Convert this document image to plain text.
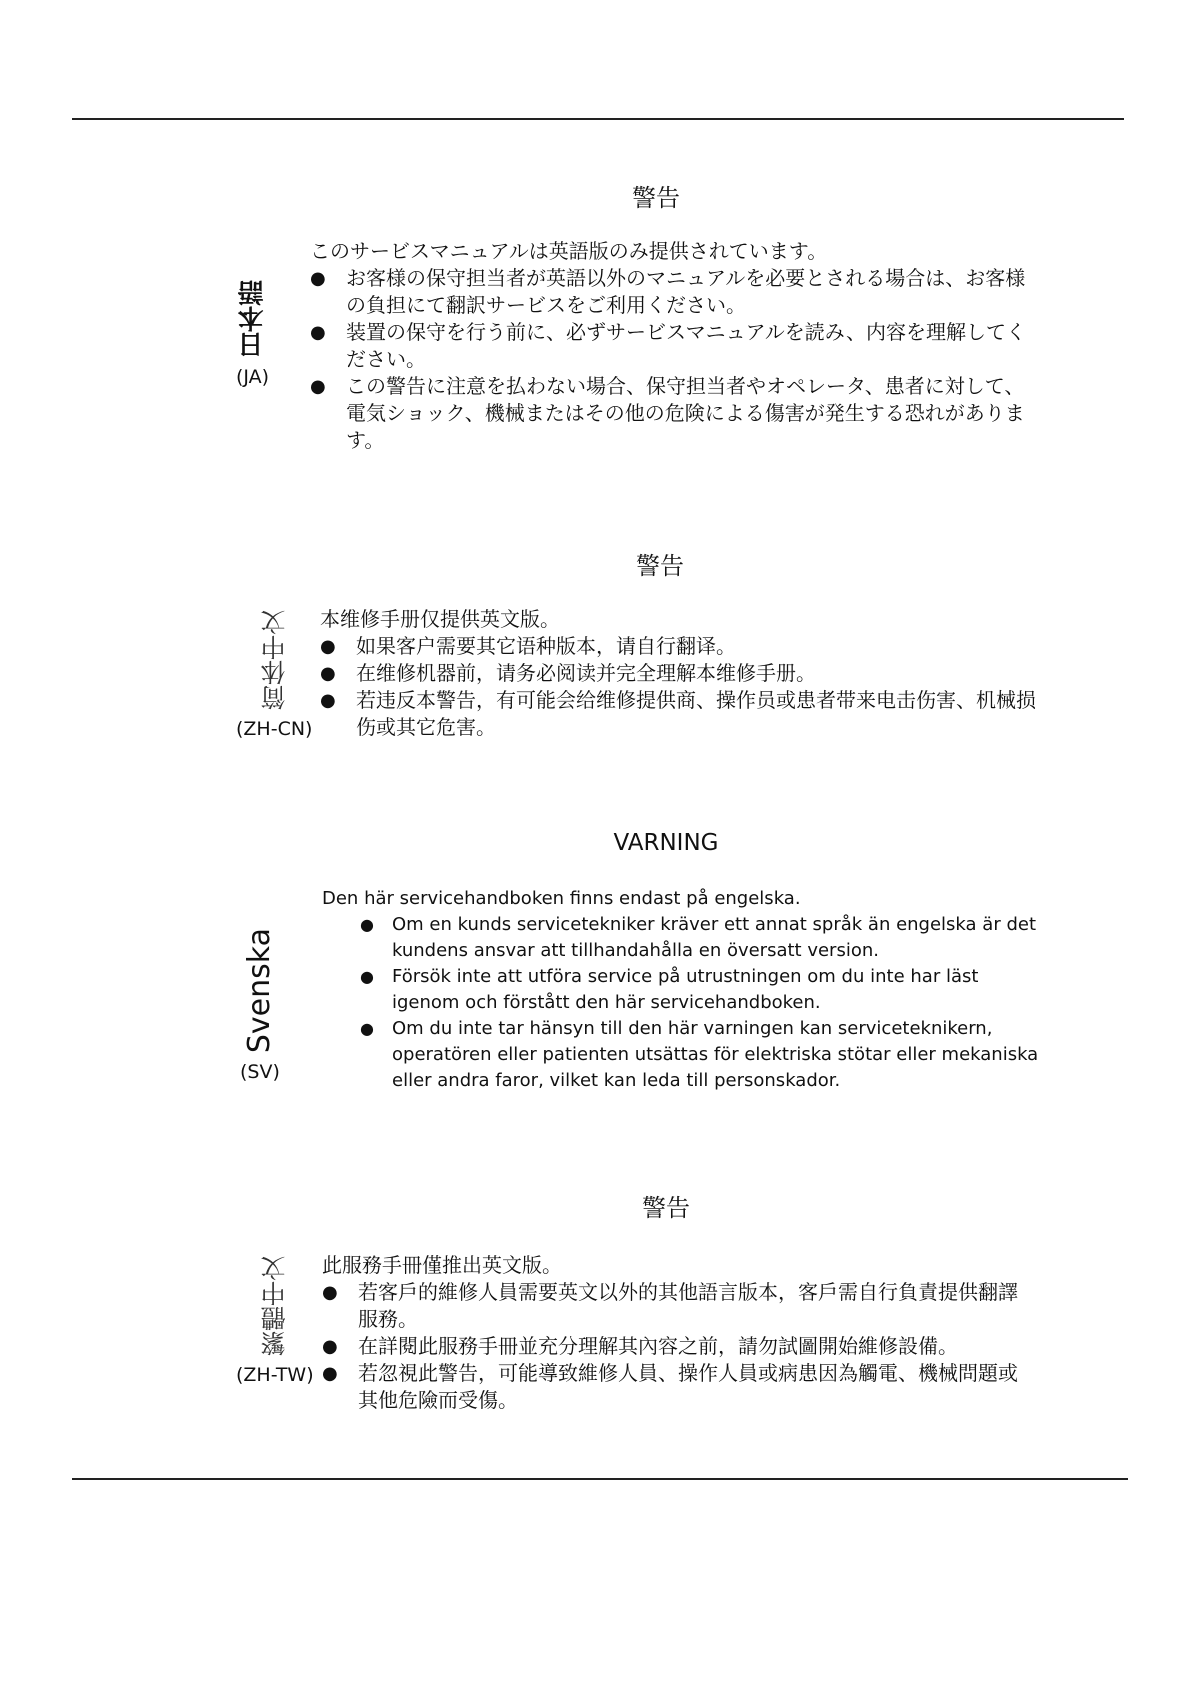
警告
日本語
(JA)

このサービスマニュアルは英語版のみ提供されています。

● お客様の保守担当者が英語以外のマニュアルを必要とされる場合は、お客様の負担にて翻訳サービスをご利用ください。
● 装置の保守を行う前に、必ずサービスマニュアルを読み、内容を理解してください。
● この警告に注意を払わない場合、保守担当者やオペレータ、患者に対して、電気ショック、機械またはその他の危険による傷害が発生する恐れがあります。
警告
简体中文
(ZH-CN)

本维修手册仅提供英文版。

● 如果客户需要其它语种版本，请自行翻译。
● 在维修机器前，请务必阅读并完全理解本维修手册。
● 若违反本警告，有可能会给维修提供商、操作员或患者带来电击伤害、机械损伤或其它危害。
VARNING
Svenska
(SV)

Den här servicehandboken finns endast på engelska.

● Om en kunds servicetekniker kräver ett annat språk än engelska är det kundens ansvar att tillhandahålla en översatt version.
● Försök inte att utföra service på utrustningen om du inte har läst igenom och förstått den här servicehandboken.
● Om du inte tar hänsyn till den här varningen kan serviceteknikern, operatören eller patienten utsättas för elektriska stötar eller mekaniska eller andra faror, vilket kan leda till personskador.
警告
繁體中文
(ZH-TW)

此服務手冊僅推出英文版。

● 若客戶的維修人員需要英文以外的其他語言版本，客戶需自行負責提供翻譯服務。
● 在詳閱此服務手冊並充分理解其內容之前，請勿試圖開始維修設備。
● 若忽視此警告，可能導致維修人員、操作人員或病患因為觸電、機械問題或其他危險而受傷。
